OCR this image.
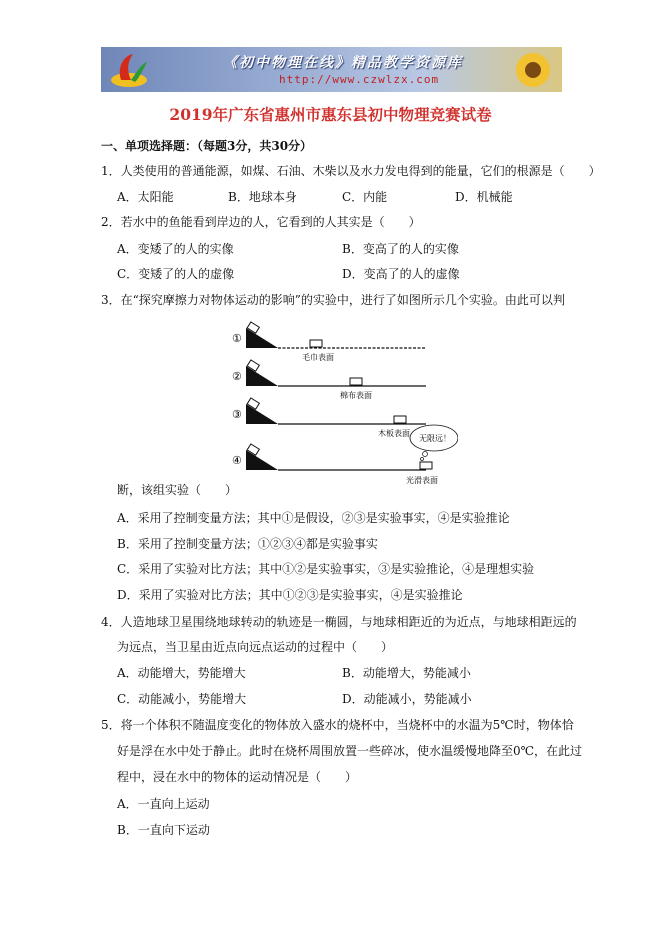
《初中物理在线》精品教学资源库
http://www.czwlzx.com
2019年广东省惠州市惠东县初中物理竞赛试卷
一、单项选择题：（每题3分，共30分）
1．人类使用的普通能源，如煤、石油、木柴以及水力发电得到的能量，它们的根源是（　　）
A．太阳能	B．地球本身	C．内能	D．机械能
2．若水中的鱼能看到岸边的人，它看到的人其实是（　　）
A．变矮了的人的实像	B．变高了的人的实像
C．变矮了的人的虚像	D．变高了的人的虚像
3．在“探究摩擦力对物体运动的影响”的实验中，进行了如图所示几个实验。由此可以判
①
毛巾表面
②
棉布表面
③
木板表面
④
光滑表面
无限远！
断，该组实验（　　）
A．采用了控制变量方法；其中①是假设，②③是实验事实，④是实验推论
B．采用了控制变量方法；①②③④都是实验事实
C．采用了实验对比方法；其中①②是实验事实，③是实验推论，④是理想实验
D．采用了实验对比方法；其中①②③是实验事实，④是实验推论
4．人造地球卫星围绕地球转动的轨迹是一椭圆，与地球相距近的为近点，与地球相距远的
为远点，当卫星由近点向远点运动的过程中（　　）
A．动能增大，势能增大	B．动能增大，势能减小
C．动能减小，势能增大	D．动能减小，势能减小
5．将一个体积不随温度变化的物体放入盛水的烧杯中，当烧杯中的水温为5℃时，物体恰
好是浮在水中处于静止。此时在烧杯周围放置一些碎冰，使水温缓慢地降至0℃，在此过
程中，浸在水中的物体的运动情况是（　　）
A．一直向上运动
B．一直向下运动
